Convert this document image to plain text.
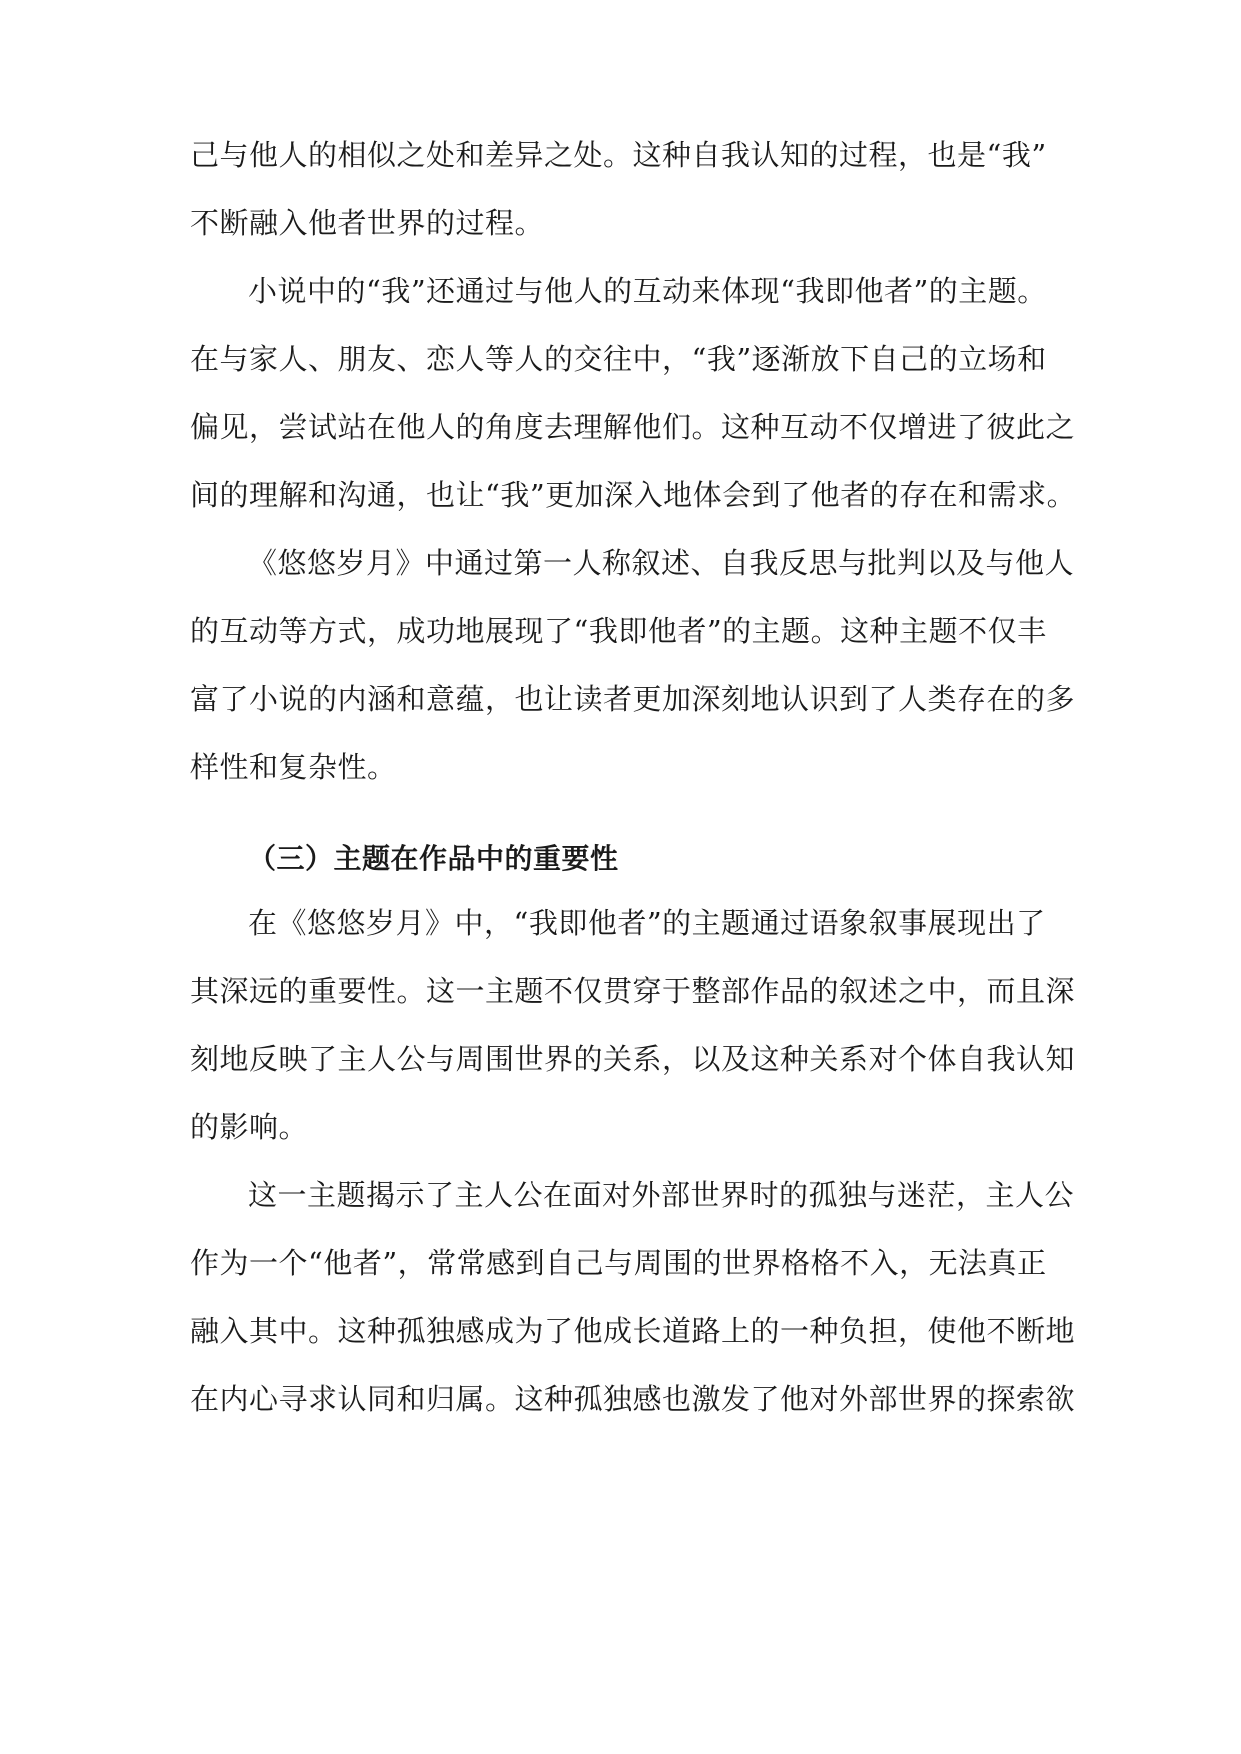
己与他人的相似之处和差异之处。这种自我认知的过程，也是“我”
不断融入他者世界的过程。
小说中的“我”还通过与他人的互动来体现“我即他者”的主题。
在与家人、朋友、恋人等人的交往中，“我”逐渐放下自己的立场和
偏见，尝试站在他人的角度去理解他们。这种互动不仅增进了彼此之
间的理解和沟通，也让“我”更加深入地体会到了他者的存在和需求。
《悠悠岁月》中通过第一人称叙述、自我反思与批判以及与他人
的互动等方式，成功地展现了“我即他者”的主题。这种主题不仅丰
富了小说的内涵和意蕴，也让读者更加深刻地认识到了人类存在的多
样性和复杂性。
（三）主题在作品中的重要性
在《悠悠岁月》中，“我即他者”的主题通过语象叙事展现出了
其深远的重要性。这一主题不仅贯穿于整部作品的叙述之中，而且深
刻地反映了主人公与周围世界的关系，以及这种关系对个体自我认知
的影响。
这一主题揭示了主人公在面对外部世界时的孤独与迷茫，主人公
作为一个“他者”，常常感到自己与周围的世界格格不入，无法真正
融入其中。这种孤独感成为了他成长道路上的一种负担，使他不断地
在内心寻求认同和归属。这种孤独感也激发了他对外部世界的探索欲
